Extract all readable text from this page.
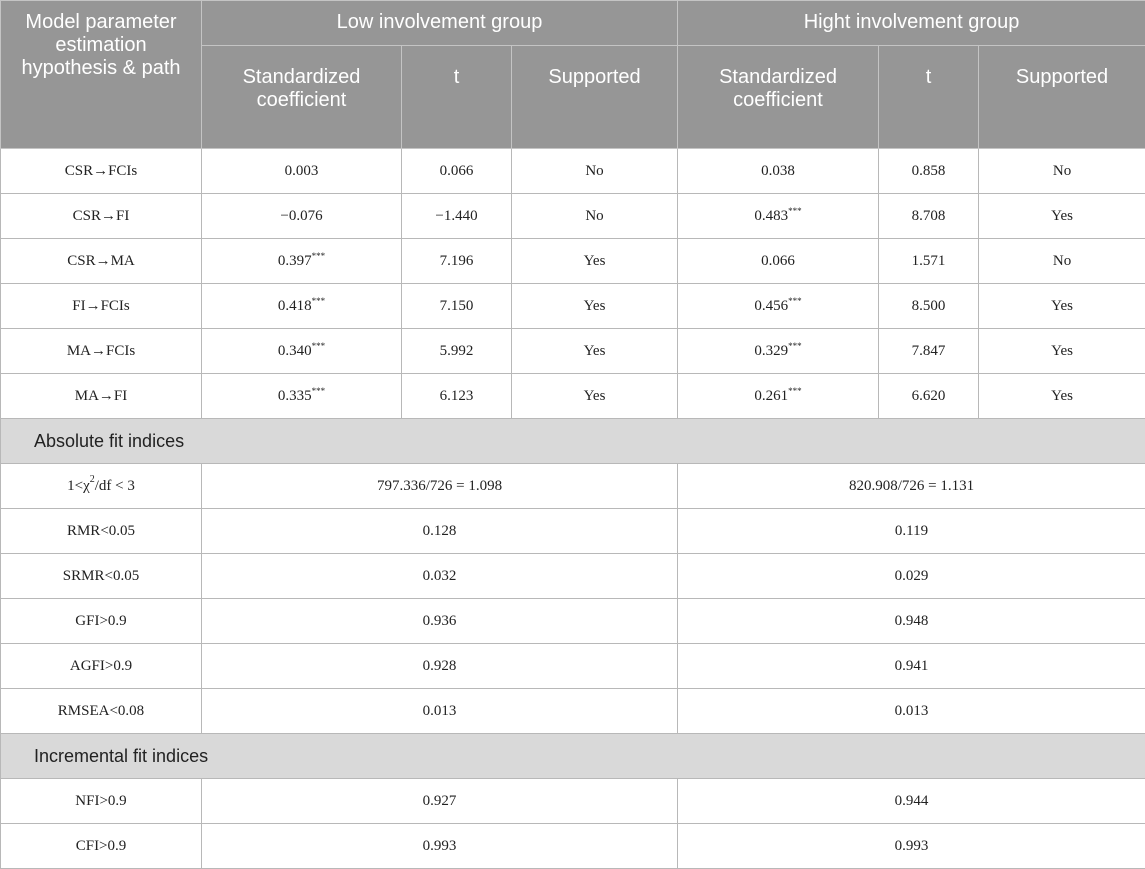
Model parameter estimation hypothesis & path	Low involvement group			Hight involvement group		
	Standardized coefficient	t	Supported	Standardized coefficient	t	Supported
CSR→FCIs	0.003	0.066	No	0.038	0.858	No
CSR→FI	−0.076	−1.440	No	0.483***	8.708	Yes
CSR→MA	0.397***	7.196	Yes	0.066	1.571	No
FI→FCIs	0.418***	7.150	Yes	0.456***	8.500	Yes
MA→FCIs	0.340***	5.992	Yes	0.329***	7.847	Yes
MA→FI	0.335***	6.123	Yes	0.261***	6.620	Yes
Absolute fit indices						
$1<\chi^2/df < 3$	797.336/726 = 1.098			820.908/726 = 1.131		
RMR<0.05	0.128			0.119		
SRMR<0.05	0.032			0.029		
GFI>0.9	0.936			0.948		
AGFI>0.9	0.928			0.941		
RMSEA<0.08	0.013			0.013		
Incremental fit indices						
NFI>0.9	0.927			0.944		
CFI>0.9	0.993			0.993		
